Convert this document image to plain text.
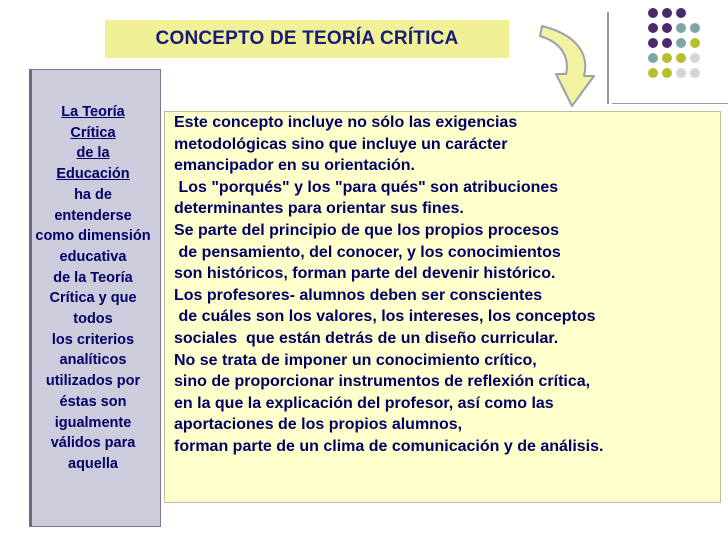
CONCEPTO DE TEORÍA CRÍTICA
La Teoría
Crítica
de la
Educación
ha de
entenderse
como dimensión
educativa
de la Teoría
Crítica y que
todos
los criterios
analíticos
utilizados por
éstas son
igualmente
válidos para
aquella
Este concepto incluye no sólo las exigencias
metodológicas sino que incluye un carácter
emancipador en su orientación.
Los "porqués" y los "para qués" son atribuciones
determinantes para orientar sus fines.
Se parte del principio de que los propios procesos
de pensamiento, del conocer, y los conocimientos
son históricos, forman parte del devenir histórico.
Los profesores- alumnos deben ser conscientes
de cuáles son los valores, los intereses, los conceptos
sociales  que están detrás de un diseño curricular.
No se trata de imponer un conocimiento crítico,
sino de proporcionar instrumentos de reflexión crítica,
en la que la explicación del profesor, así como las
aportaciones de los propios alumnos,
forman parte de un clima de comunicación y de análisis.
